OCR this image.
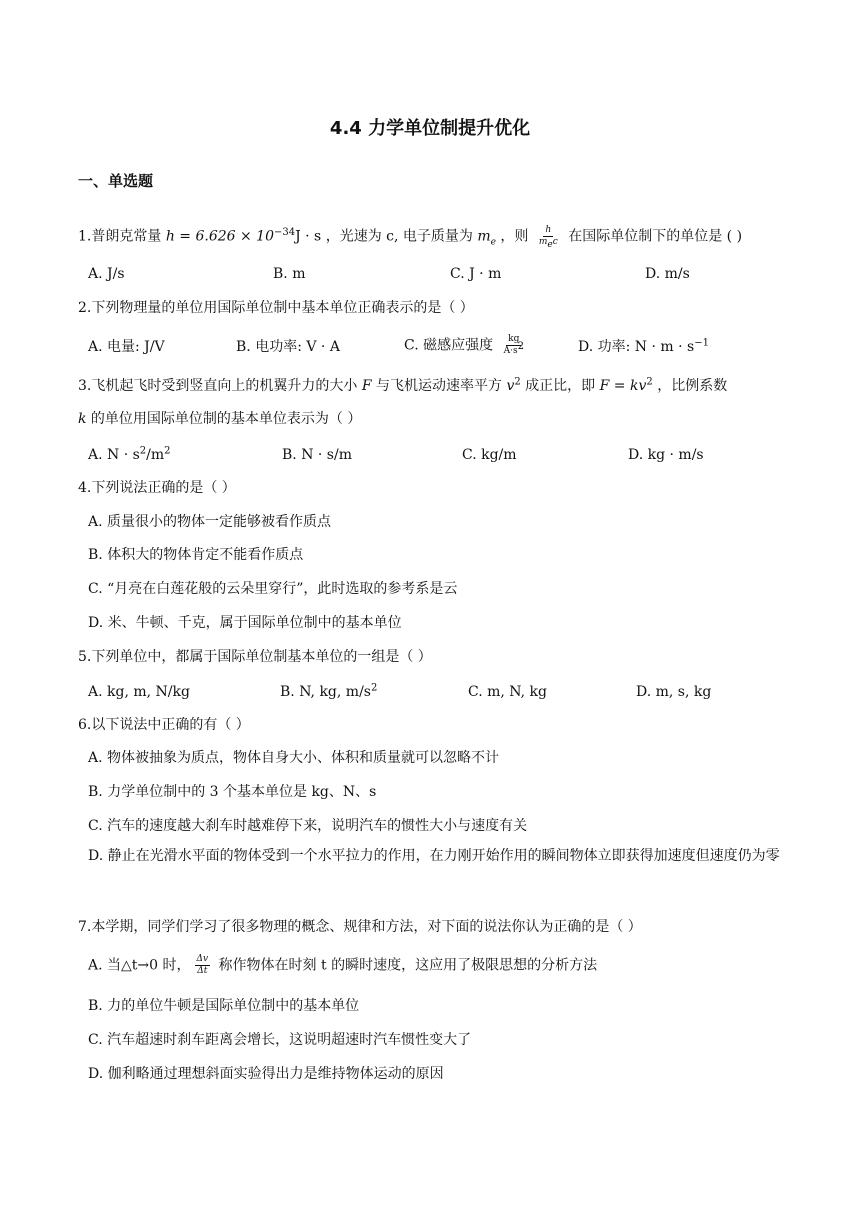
4.4 力学单位制提升优化
一、单选题
1.普朗克常量 $h = 6.626 \times 10^{-34}J \cdot s$ ，光速为 c, 电子质量为 $m_e$ ，则 $\frac{h}{m_ec}$ 在国际单位制下的单位是 ( )
A. J/s	B. m	C. J · m	D. m/s
2.下列物理量的单位用国际单位制中基本单位正确表示的是（ ）
A. 电量: J/V	B. 电功率: V · A	C. 磁感应强度 $\frac{kg}{A\cdot s^2}$	D. 功率: $N \cdot m \cdot s^{-1}$
3.飞机起飞时受到竖直向上的机翼升力的大小 F 与飞机运动速率平方 $v^2$ 成正比，即 $F = kv^2$ ，比例系数
k 的单位用国际单位制的基本单位表示为（ ）
A. $N \cdot s^2/m^2$	B. N · s/m	C. kg/m	D. kg · m/s
4.下列说法正确的是（ ）
A. 质量很小的物体一定能够被看作质点
B. 体积大的物体肯定不能看作质点
C. “月亮在白莲花般的云朵里穿行”，此时选取的参考系是云
D. 米、牛顿、千克，属于国际单位制中的基本单位
5.下列单位中，都属于国际单位制基本单位的一组是（ ）
A. kg, m, N/kg	B. N, kg, $m/s^2$	C. m, N, kg	D. m, s, kg
6.以下说法中正确的有（ ）
A. 物体被抽象为质点，物体自身大小、体积和质量就可以忽略不计
B. 力学单位制中的 3 个基本单位是 kg、N、s
C. 汽车的速度越大刹车时越难停下来，说明汽车的惯性大小与速度有关
D. 静止在光滑水平面的物体受到一个水平拉力的作用，在力刚开始作用的瞬间物体立即获得加速度但速度仍为零
7.本学期，同学们学习了很多物理的概念、规律和方法，对下面的说法你认为正确的是（ ）
A. 当△t→0 时， $\frac{\Delta v}{\Delta t}$ 称作物体在时刻 t 的瞬时速度，这应用了极限思想的分析方法
B. 力的单位牛顿是国际单位制中的基本单位
C. 汽车超速时刹车距离会增长，这说明超速时汽车惯性变大了
D. 伽利略通过理想斜面实验得出力是维持物体运动的原因
